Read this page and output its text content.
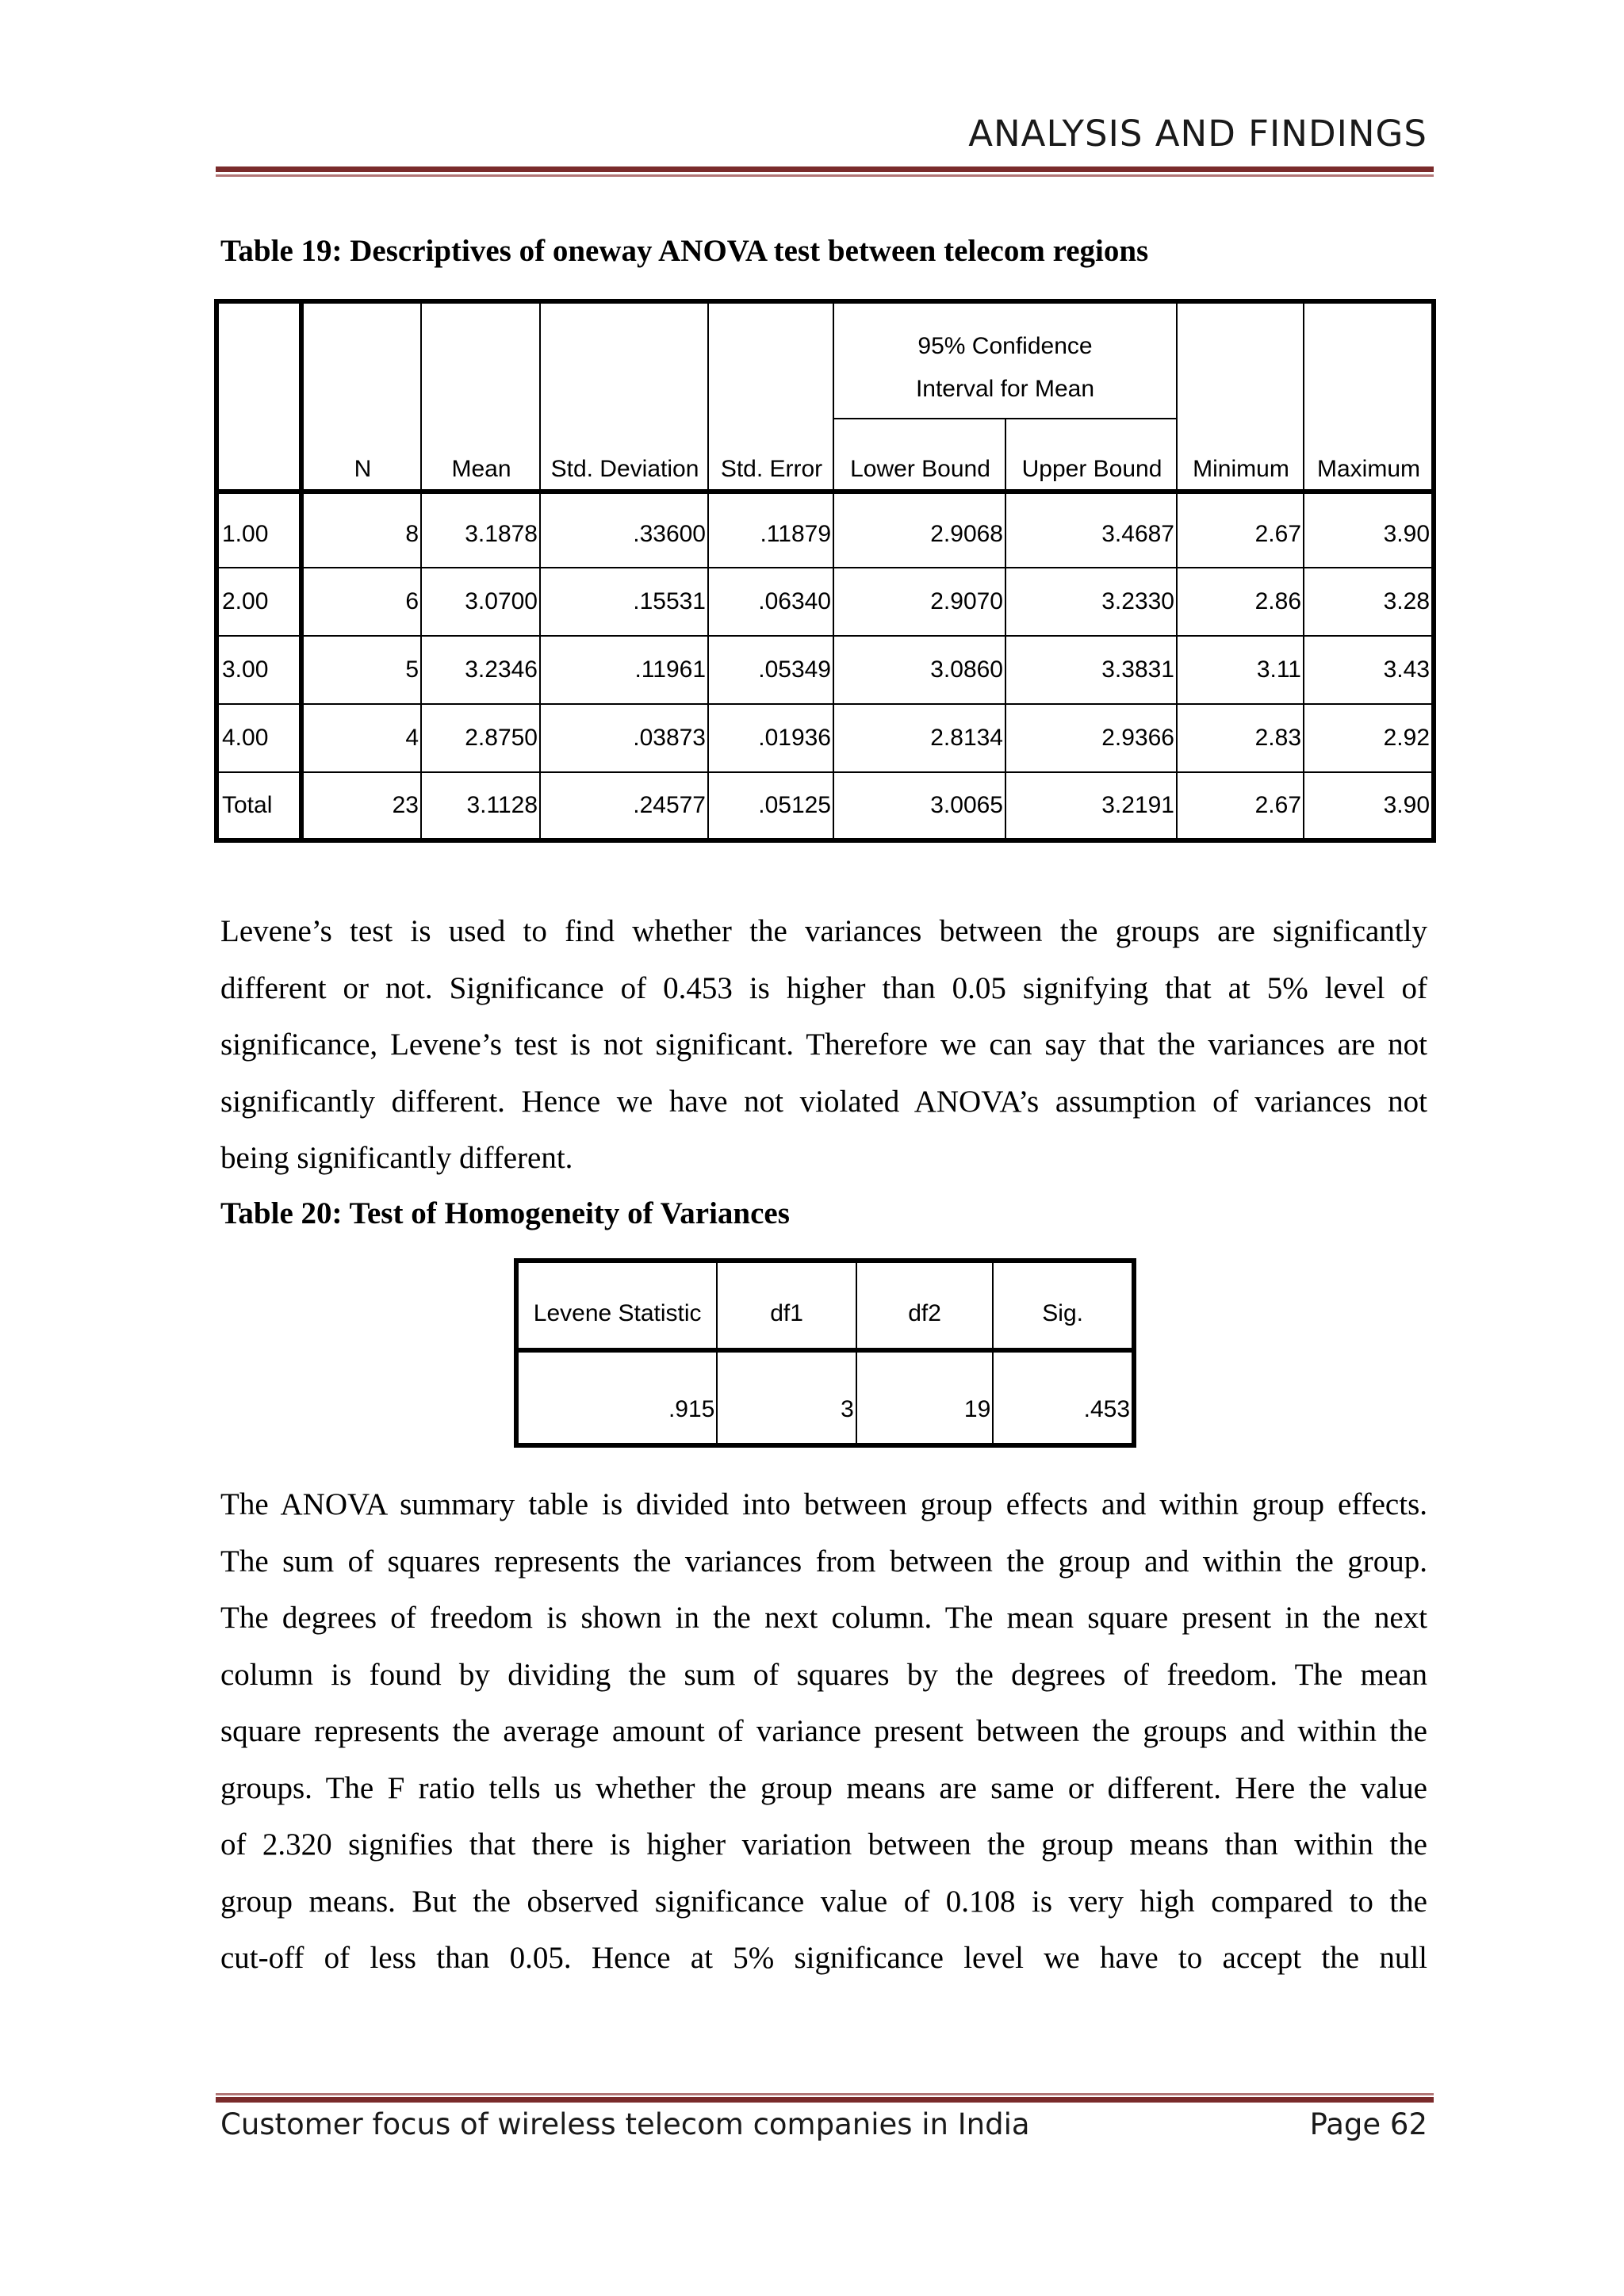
ANALYSIS AND FINDINGS
Table 19: Descriptives of oneway ANOVA test between telecom regions
	N	Mean	Std. Deviation	Std. Error	95% Confidence Interval for Mean		Minimum	Maximum
					Lower Bound	Upper Bound		
1.00	8	3.1878	.33600	.11879	2.9068	3.4687	2.67	3.90
2.00	6	3.0700	.15531	.06340	2.9070	3.2330	2.86	3.28
3.00	5	3.2346	.11961	.05349	3.0860	3.3831	3.11	3.43
4.00	4	2.8750	.03873	.01936	2.8134	2.9366	2.83	2.92
Total	23	3.1128	.24577	.05125	3.0065	3.2191	2.67	3.90
Levene’s test is used to find whether the variances between the groups are significantly
different or not. Significance of 0.453 is higher than 0.05 signifying that at 5% level of
significance, Levene’s test is not significant. Therefore we can say that the variances are not
significantly different. Hence we have not violated ANOVA’s assumption of variances not
being significantly different.
Table 20: Test of Homogeneity of Variances
Levene Statistic	df1	df2	Sig.
.915	3	19	.453
The ANOVA summary table is divided into between group effects and within group effects.
The sum of squares represents the variances from between the group and within the group.
The degrees of freedom is shown in the next column. The mean square present in the next
column is found by dividing the sum of squares by the degrees of freedom. The mean
square represents the average amount of variance present between the groups and within the
groups. The F ratio tells us whether the group means are same or different. Here the value
of 2.320 signifies that there is higher variation between the group means than within the
group means. But the observed significance value of 0.108 is very high compared to the
cut-off of less than 0.05. Hence at 5% significance level we have to accept the null
Customer focus of wireless telecom companies in India	Page 62
